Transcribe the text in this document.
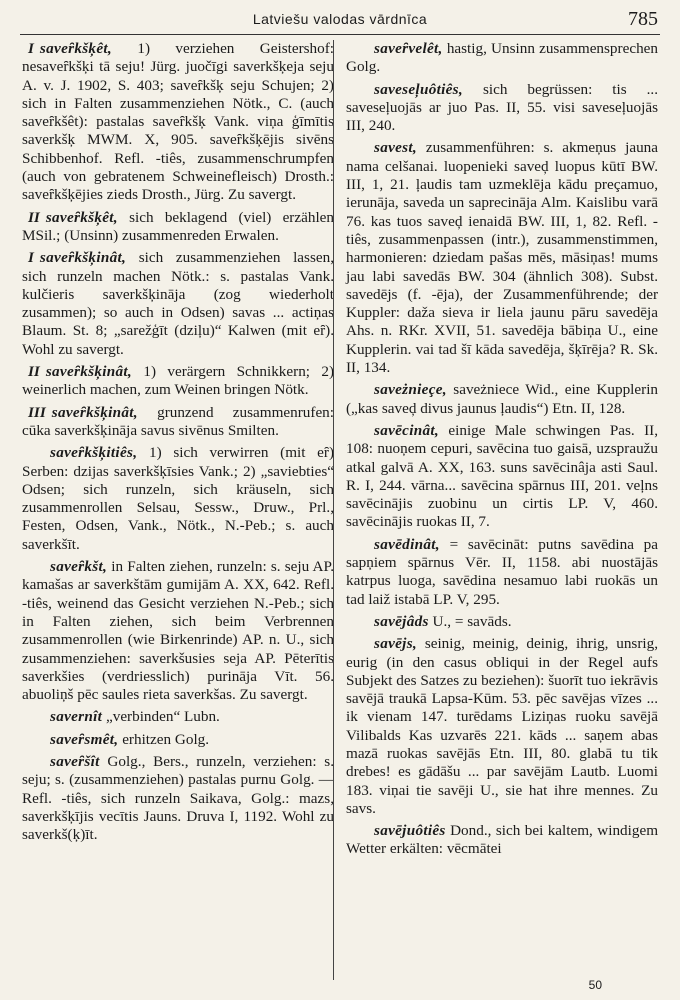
Latviešu valodas vārdnīca	785

I saveȓkšķêt, 1) verziehen Geistershof: nesaveȓkšķi tā seju! Jürg. juočīgi saverkšķeja seju A. v. J. 1902, S. 403; saveȓkšķ seju Schujen; 2) sich in Falten zusammenziehen Nötk., C. (auch saveȓkšêt): pastalas saveȓkšķ Vank. viņa ģīmītis saverkšķ MWM. X, 905. saveȓkšķējis sivēns Schibbenhof. Refl. -tiês, zusammenschrumpfen (auch von gebratenem Schweinefleisch) Drosth.: saveȓkšķējies zieds Drosth., Jürg. Zu savergt.

II saveȓkšķêt, sich beklagend (viel) erzählen MSil.; (Unsinn) zusammenreden Erwalen.

I saveȓkšķinât, sich zusammenziehen lassen, sich runzeln machen Nötk.: s. pastalas Vank. kulčieris saverkšķināja (zog wiederholt zusammen); so auch in Odsen) savas ... actiņas Blaum. St. 8; „sarežģīt (dziļu)“ Kalwen (mit eȓ). Wohl zu savergt.

II saveȓkšķinât, 1) verärgern Schnikkern; 2) weinerlich machen, zum Weinen bringen Nötk.

III saveȓkšķinât, grunzend zusammenrufen: cūka saverkšķināja savus sivēnus Smilten.

saveȓkšķitiês, 1) sich verwirren (mit eȓ) Serben: dzijas saverkšķīsies Vank.; 2) „saviebties“ Odsen; sich runzeln, sich kräuseln, sich zusammenrollen Selsau, Sessw., Druw., Prl., Festen, Odsen, Vank., Nötk., N.-Peb.; s. auch saverkšīt.

saveȓkšt, in Falten ziehen, runzeln: s. seju AP. kamašas ar saverkštām gumijām A. XX, 642. Refl. -tiês, weinend das Gesicht verziehen N.-Peb.; sich in Falten ziehen, sich beim Verbrennen zusammenrollen (wie Birkenrinde) AP. n. U., sich zusammenziehen: saverkšusies seja AP. Pēterītis saverkšies (verdriesslich) purināja Vīt. 56. abuoliņš pēc saules rieta saverkšas. Zu savergt.

savernît „verbinden“ Lubn.

saveȓsmêt, erhitzen Golg.

saveȓšît Golg., Bers., runzeln, verziehen: s. seju; s. (zusammenziehen) pastalas purnu Golg. — Refl. -tiês, sich runzeln Saikava, Golg.: mazs, saverkšķījis vecītis Jauns. Druva I, 1192. Wohl zu saverkš(ķ)īt.

saveȓvelêt, hastig, Unsinn zusammensprechen Golg.

saveseļuôtiês, sich begrüssen: tis ... saveseļuojās ar juo Pas. II, 55. visi saveseļuojās III, 240.

savest, zusammenführen: s. akmeņus jauna nama celšanai. luopenieki saveḑ luopus kūtī BW. III, 1, 21. ļaudis tam uzmeklēja kādu preçamuo, ierunāja, saveda un saprecināja Alm. Kaislibu varā 76. kas tuos saveḑ ienaidā BW. III, 1, 82. Refl. -tiês, zusammenpassen (intr.), zusammenstimmen, harmonieren: dziedam pašas mēs, māsiņas! mums jau labi savedās BW. 304 (ähnlich 308). Subst. savedējs (f. -ēja), der Zusammenführende; der Kuppler: daža sieva ir liela jaunu pāru savedēja Ahs. n. RKr. XVII, 51. savedēja bābiņa U., eine Kupplerin. vai tad šī kāda savedēja, šķīrēja? R. Sk. II, 134.

saveżnieçe, saveżniece Wid., eine Kupplerin („kas saveḑ divus jaunus ļaudis“) Etn. II, 128.

savēcinât, einige Male schwingen Pas. II, 108: nuoņem cepuri, savēcina tuo gaisā, uzspraužu atkal galvā A. XX, 163. suns savēcinâja asti Saul. R. I, 244. vārna... savēcina spārnus III, 201. veļns savēcinājis zuobinu un cirtis LP. V, 460. savēcinājis ruokas II, 7.

savēdinât, = savēcināt: putns savēdina pa sapņiem spārnus Vēr. II, 1158. abi nuostājās katrpus luoga, savēdina nesamuo labi ruokās un tad laiž istabā LP. V, 295.

savējâds U., = savāds.

savējs, seinig, meinig, deinig, ihrig, unsrig, eurig (in den casus obliqui in der Regel aufs Subjekt des Satzes zu beziehen): šuorīt tuo iekrāvis savējā traukā Lapsa-Kūm. 53. pēc savējas vīzes ... ik vienam 147. turēdams Liziņas ruoku savējā Vilibalds Kas uzvarēs 221. kāds ... saņem abas mazā ruokas savējās Etn. III, 80. glabā tu tik drebes! es gādāšu ... par savējām Lautb. Luomi 183. viņai tie savēji U., sie hat ihre mennes. Zu savs.

savējuôtiês Dond., sich bei kaltem, windigem Wetter erkälten: vēcmātei

50
